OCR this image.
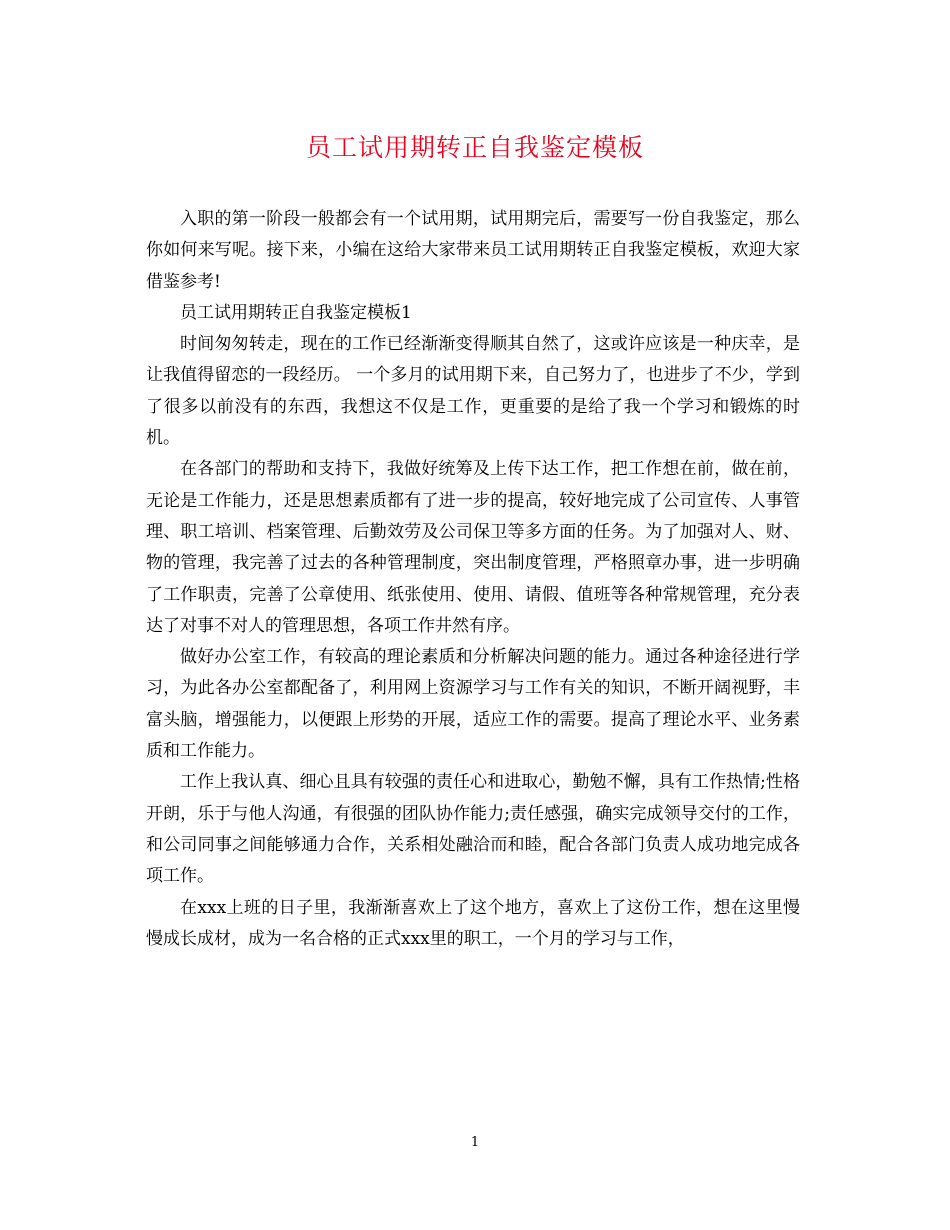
员工试用期转正自我鉴定模板

入职的第一阶段一般都会有一个试用期，试用期完后，需要写一份自我鉴定，那么你如何来写呢。接下来，小编在这给大家带来员工试用期转正自我鉴定模板，欢迎大家借鉴参考!

员工试用期转正自我鉴定模板1

时间匆匆转走，现在的工作已经渐渐变得顺其自然了，这或许应该是一种庆幸，是让我值得留恋的一段经历。 一个多月的试用期下来，自己努力了，也进步了不少，学到了很多以前没有的东西，我想这不仅是工作，更重要的是给了我一个学习和锻炼的时机。

在各部门的帮助和支持下，我做好统筹及上传下达工作，把工作想在前，做在前，无论是工作能力，还是思想素质都有了进一步的提高，较好地完成了公司宣传、人事管理、职工培训、档案管理、后勤效劳及公司保卫等多方面的任务。为了加强对人、财、物的管理，我完善了过去的各种管理制度，突出制度管理，严格照章办事，进一步明确了工作职责，完善了公章使用、纸张使用、使用、请假、值班等各种常规管理，充分表达了对事不对人的管理思想，各项工作井然有序。

做好办公室工作，有较高的理论素质和分析解决问题的能力。通过各种途径进行学习，为此各办公室都配备了，利用网上资源学习与工作有关的知识，不断开阔视野，丰富头脑，增强能力，以便跟上形势的开展，适应工作的需要。提高了理论水平、业务素质和工作能力。

工作上我认真、细心且具有较强的责任心和进取心，勤勉不懈，具有工作热情;性格开朗，乐于与他人沟通，有很强的团队协作能力;责任感强，确实完成领导交付的工作，和公司同事之间能够通力合作，关系相处融洽而和睦，配合各部门负责人成功地完成各项工作。

在xxx上班的日子里，我渐渐喜欢上了这个地方，喜欢上了这份工作，想在这里慢慢成长成材，成为一名合格的正式xxx里的职工，一个月的学习与工作，

1
